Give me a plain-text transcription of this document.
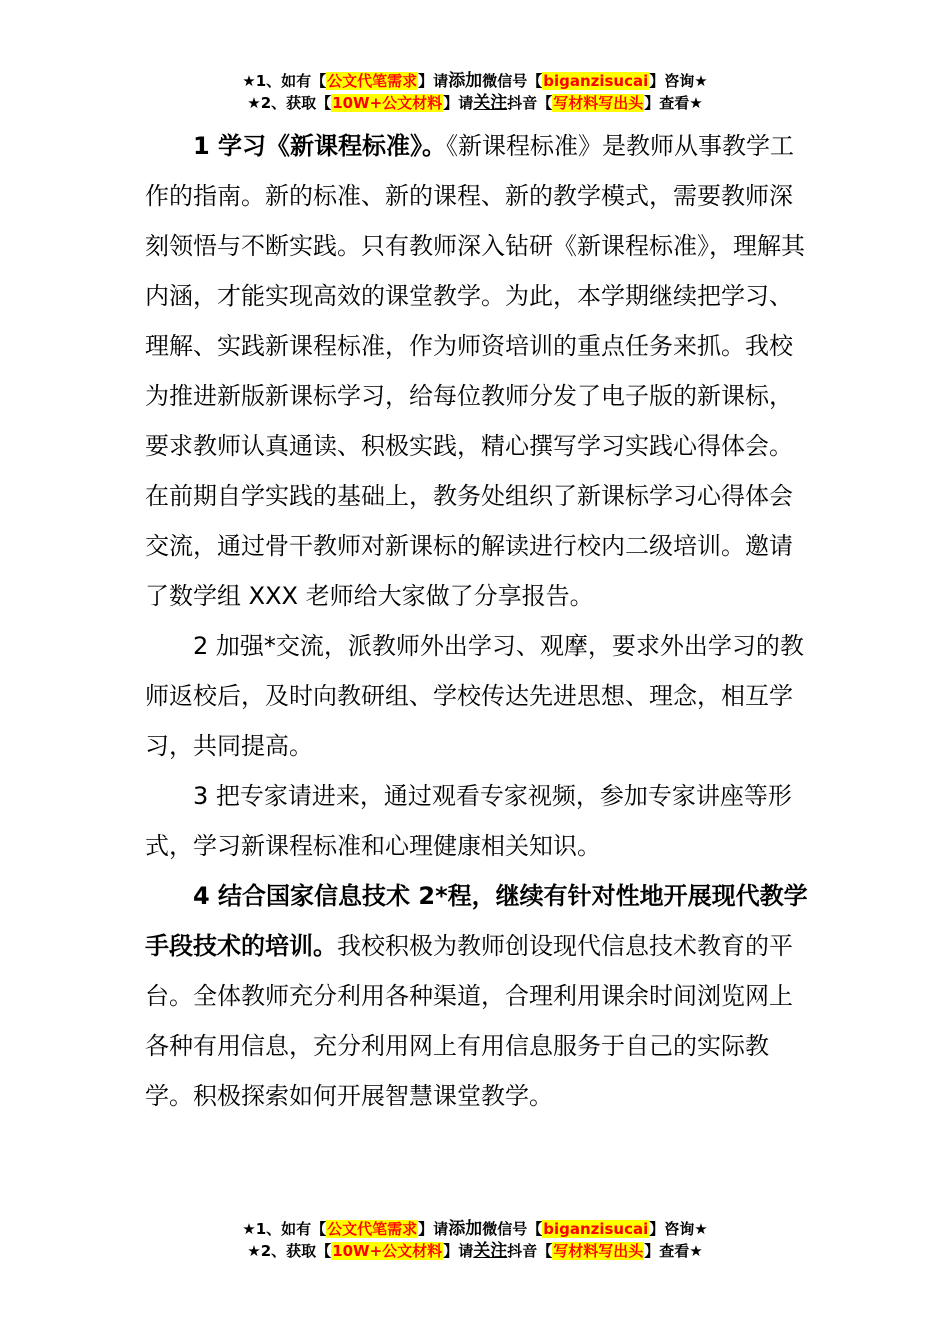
★1、如有【公文代笔需求】请添加微信号【biganzisucai】咨询★
★2、获取【10W+公文材料】请关注抖音【写材料写出头】查看★

1 学习《新课程标准》。《新课程标准》是教师从事教学工作的指南。新的标准、新的课程、新的教学模式，需要教师深刻领悟与不断实践。只有教师深入钻研《新课程标准》，理解其内涵，才能实现高效的课堂教学。为此，本学期继续把学习、理解、实践新课程标准，作为师资培训的重点任务来抓。我校为推进新版新课标学习，给每位教师分发了电子版的新课标，要求教师认真通读、积极实践，精心撰写学习实践心得体会。在前期自学实践的基础上，教务处组织了新课标学习心得体会交流，通过骨干教师对新课标的解读进行校内二级培训。邀请了数学组 XXX 老师给大家做了分享报告。

2 加强*交流，派教师外出学习、观摩，要求外出学习的教师返校后，及时向教研组、学校传达先进思想、理念，相互学习，共同提高。

3 把专家请进来，通过观看专家视频，参加专家讲座等形式，学习新课程标准和心理健康相关知识。

4 结合国家信息技术 2*程，继续有针对性地开展现代教学手段技术的培训。我校积极为教师创设现代信息技术教育的平台。全体教师充分利用各种渠道，合理利用课余时间浏览网上各种有用信息，充分利用网上有用信息服务于自己的实际教学。积极探索如何开展智慧课堂教学。

★1、如有【公文代笔需求】请添加微信号【biganzisucai】咨询★
★2、获取【10W+公文材料】请关注抖音【写材料写出头】查看★
